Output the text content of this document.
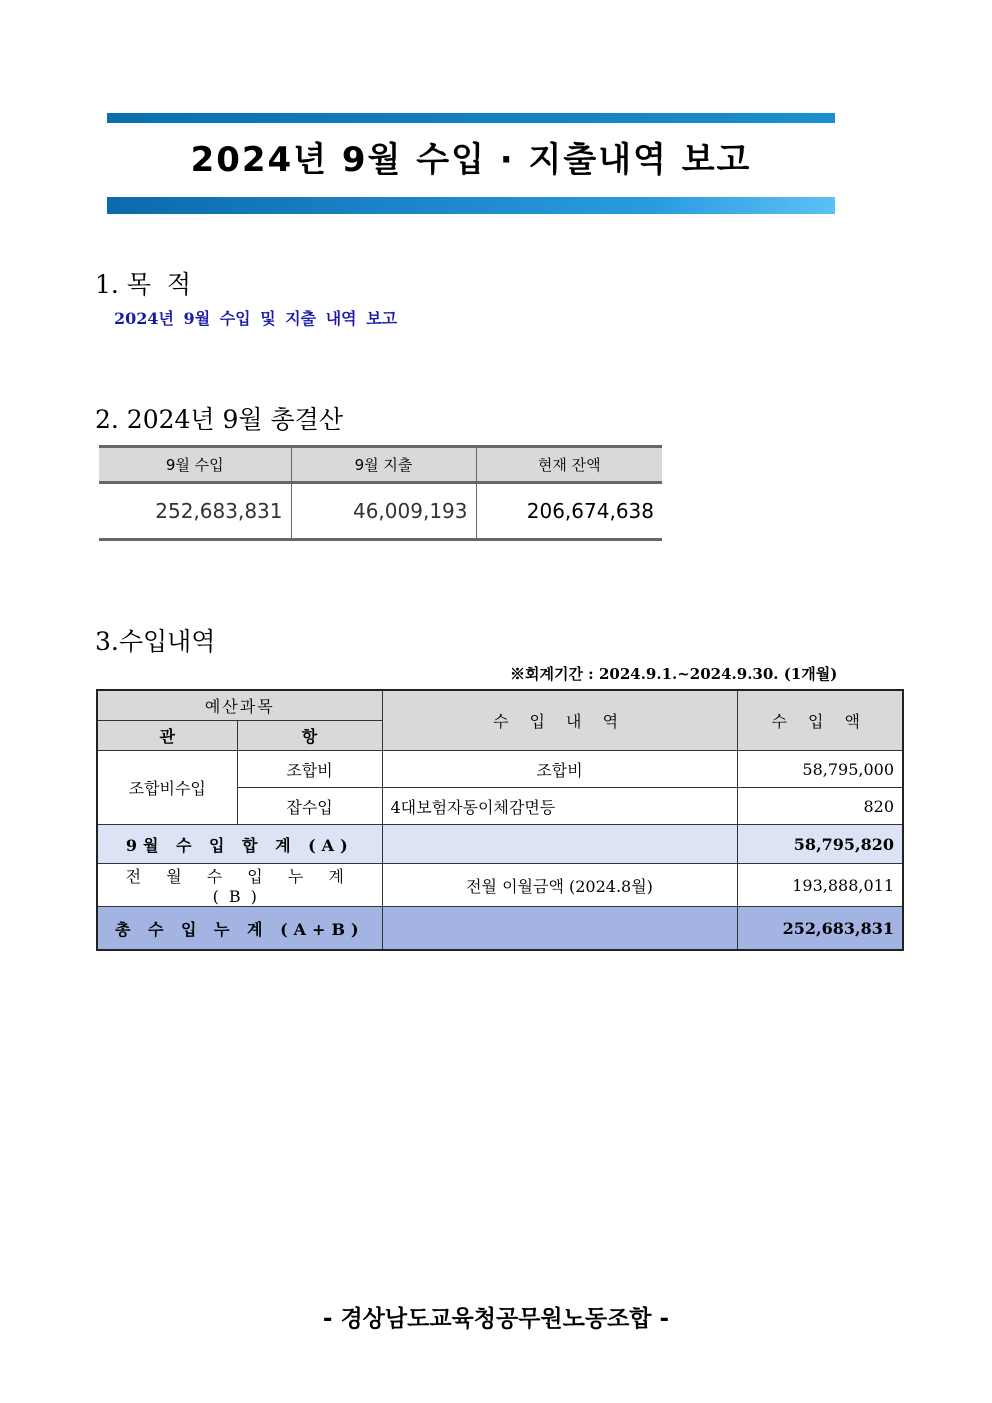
2024년 9월 수입 · 지출내역 보고
1. 목  적
2024년 9월 수입 및 지출 내역 보고
2. 2024년 9월 총결산
9월 수입	9월 지출	현재 잔액
252,683,831	46,009,193	206,674,638
3.수입내역
※회계기간 : 2024.9.1.~2024.9.30. (1개월)
예산과목		수 입 내 역	수 입 액
관	항		
조합비수입	조합비	조합비	58,795,000
	잡수입	4대보험자동이체감면등	820
9월 수 입 합 계 (A)			58,795,820
전 월 수 입 누 계 (B)		전월 이월금액 (2024.8월)	193,888,011
총 수 입 누 계 (A+B)			252,683,831
- 경상남도교육청공무원노동조합 -
